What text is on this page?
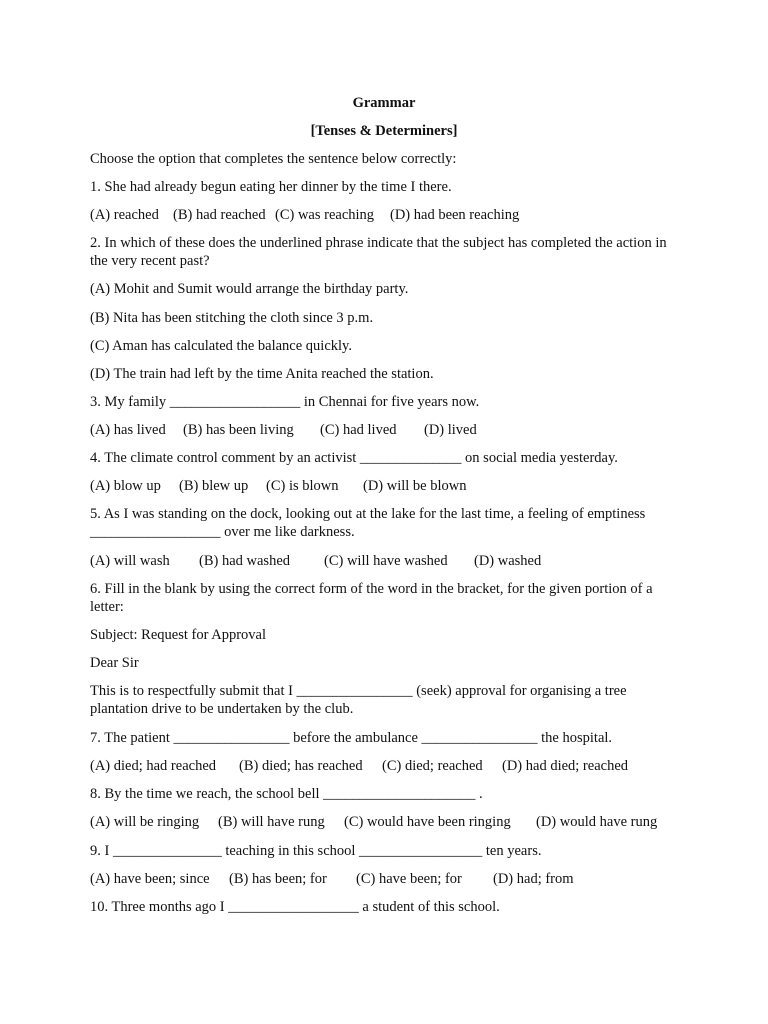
Grammar
[Tenses & Determiners]
Choose the option that completes the sentence below correctly:
1. She had already begun eating her dinner by the time I there.
(A) reached (B) had reached (C) was reaching (D) had been reaching
2. In which of these does the underlined phrase indicate that the subject has completed the action in the very recent past?
(A) Mohit and Sumit would arrange the birthday party.
(B) Nita has been stitching the cloth since 3 p.m.
(C) Aman has calculated the balance quickly.
(D) The train had left by the time Anita reached the station.
3. My family __________________ in Chennai for five years now.
(A) has lived (B) has been living (C) had lived (D) lived
4. The climate control comment by an activist ______________ on social media yesterday.
(A) blow up (B) blew up (C) is blown (D) will be blown
5. As I was standing on the dock, looking out at the lake for the last time, a feeling of emptiness __________________ over me like darkness.
(A) will wash (B) had washed (C) will have washed (D) washed
6. Fill in the blank by using the correct form of the word in the bracket, for the given portion of a letter:
Subject: Request for Approval
Dear Sir
This is to respectfully submit that I ________________ (seek) approval for organising a tree plantation drive to be undertaken by the club.
7. The patient ________________ before the ambulance ________________ the hospital.
(A) died; had reached (B) died; has reached (C) died; reached (D) had died; reached
8. By the time we reach, the school bell _____________________ .
(A) will be ringing (B) will have rung (C) would have been ringing (D) would have rung
9. I _______________ teaching in this school _________________ ten years.
(A) have been; since (B) has been; for (C) have been; for (D) had; from
10. Three months ago I __________________ a student of this school.
